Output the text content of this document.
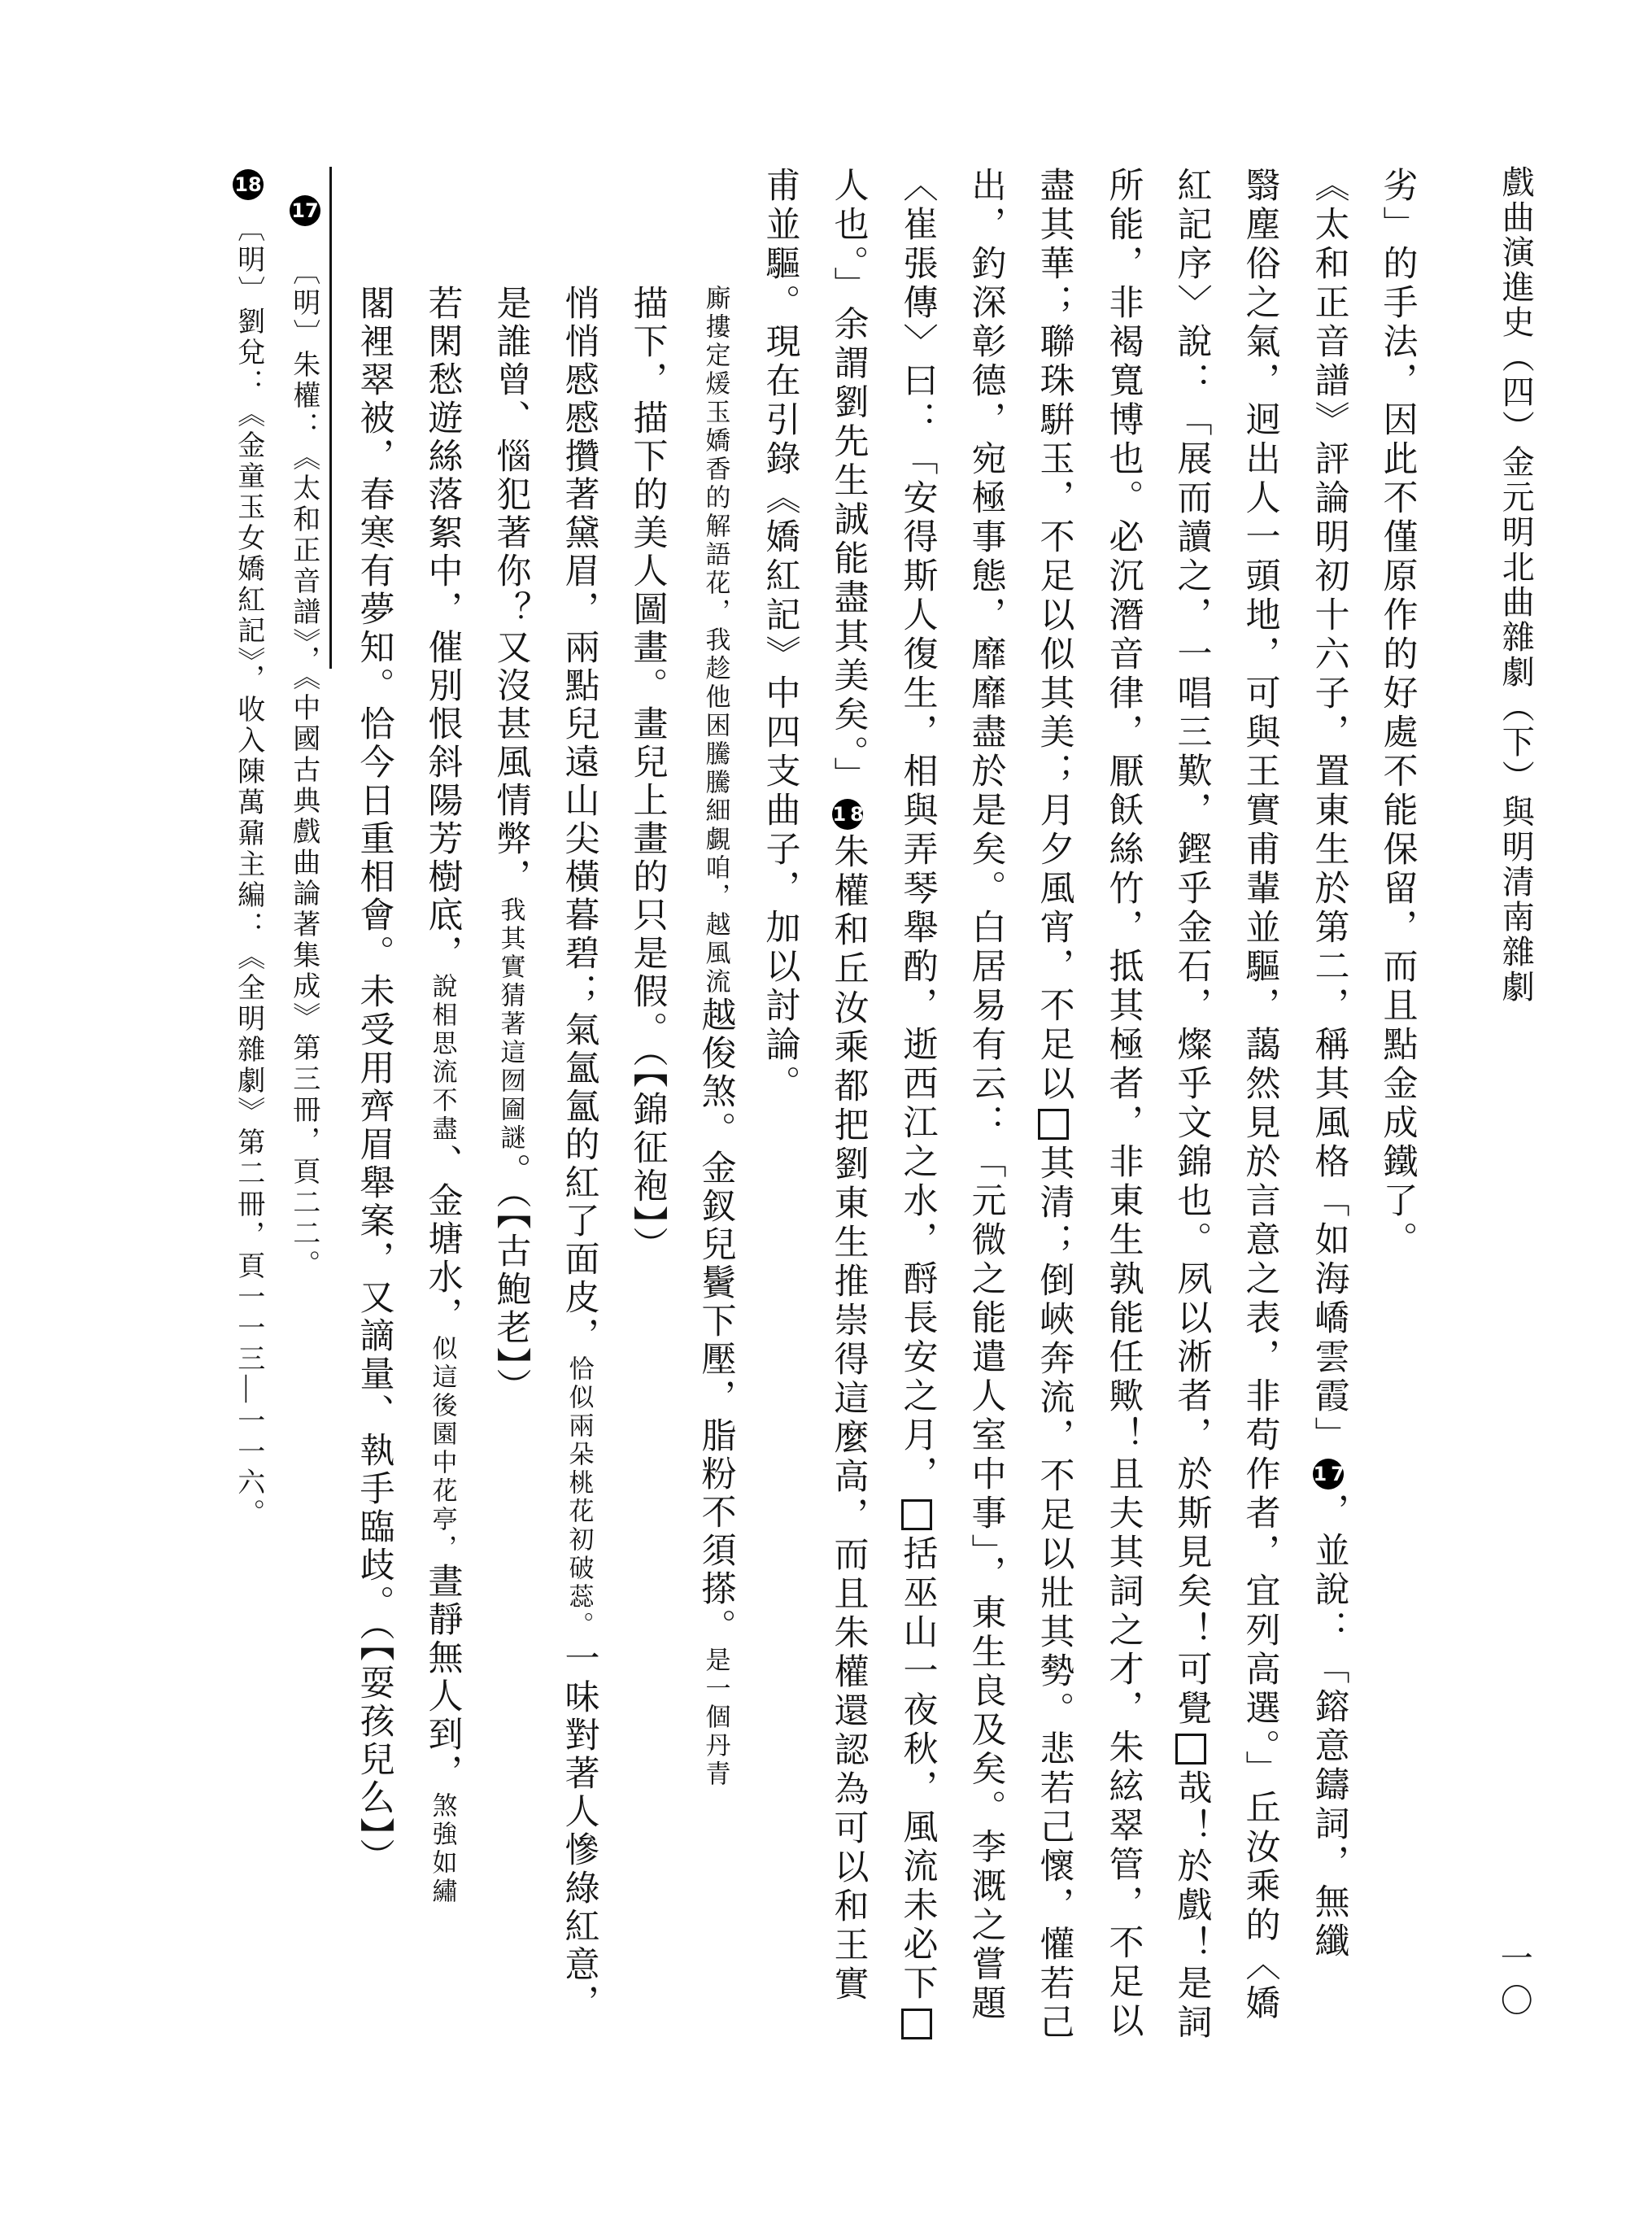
戲曲演進史（四）金元明北曲雜劇（下）與明清南雜劇
劣」的手法，因此不僅原作的好處不能保留，而且點金成鐵了。
《太和正音譜》評論明初十六子，置東生於第二，稱其風格「如海嶠雲霞」17，並說：「鎔意鑄詞，無纖
翳塵俗之氣，迥出人一頭地，可與王實甫輩並驅，藹然見於言意之表，非苟作者，宜列高選。」丘汝乘的〈嬌
紅記序〉說：「展而讀之，一唱三歎，鏗乎金石，燦乎文錦也。夙以淅者，於斯見矣！可覺哉！於戲！是詞
所能，非褐寬博也。必沉潛音律，厭飫絲竹，抵其極者，非東生孰能任歟！且夫其詞之才，朱絃翠管，不足以
盡其華；聯珠騈玉，不足以似其美；月夕風宵，不足以其清；倒峽奔流，不足以壯其勢。悲若己懷，懽若己
出，釣深彰德，宛極事態，靡靡盡於是矣。白居易有云：「元微之能遣人室中事」，東生良及矣。李溉之嘗題
〈崔張傳〉曰：「安得斯人復生，相與弄琴舉酌，逝西江之水，酹長安之月，括巫山一夜秋，風流未必下
人也。」余謂劉先生誠能盡其美矣。」18朱權和丘汝乘都把劉東生推崇得這麼高，而且朱權還認為可以和王實
甫並驅。現在引錄《嬌紅記》中四支曲子，加以討論。
廝摟定煖玉嬌香的解語花，我趁他困騰騰細覷咱，越風流越俊煞。金釵兒鬢下壓，脂粉不須搽。是一個丹青
描下，描下的美人圖畫。畫兒上畫的只是假。（【錦征袍】）
悄悄慼慼攢著黛眉，兩點兒遠山尖橫暮碧；氣氳氳的紅了面皮，恰似兩朵桃花初破蕊。一味對著人慘綠紅意，
是誰曾、惱犯著你？又沒甚風情弊，我其實猜著這囫圇謎。（【古鮑老】）
若閑愁遊絲落絮中，催別恨斜陽芳樹底，說相思流不盡、金塘水，似這後園中花亭，晝靜無人到，煞強如繡
閣裡翠被，春寒有夢知。恰今日重相會。未受用齊眉舉案，又謫量、執手臨歧。（【耍孩兒么】）
〔明〕朱權：《太和正音譜》，《中國古典戲曲論著集成》第三冊，頁二二。
〔明〕劉兌：《金童玉女嬌紅記》，收入陳萬鼐主編：《全明雜劇》第二冊，頁一一三—一一六。
一〇
17
18
